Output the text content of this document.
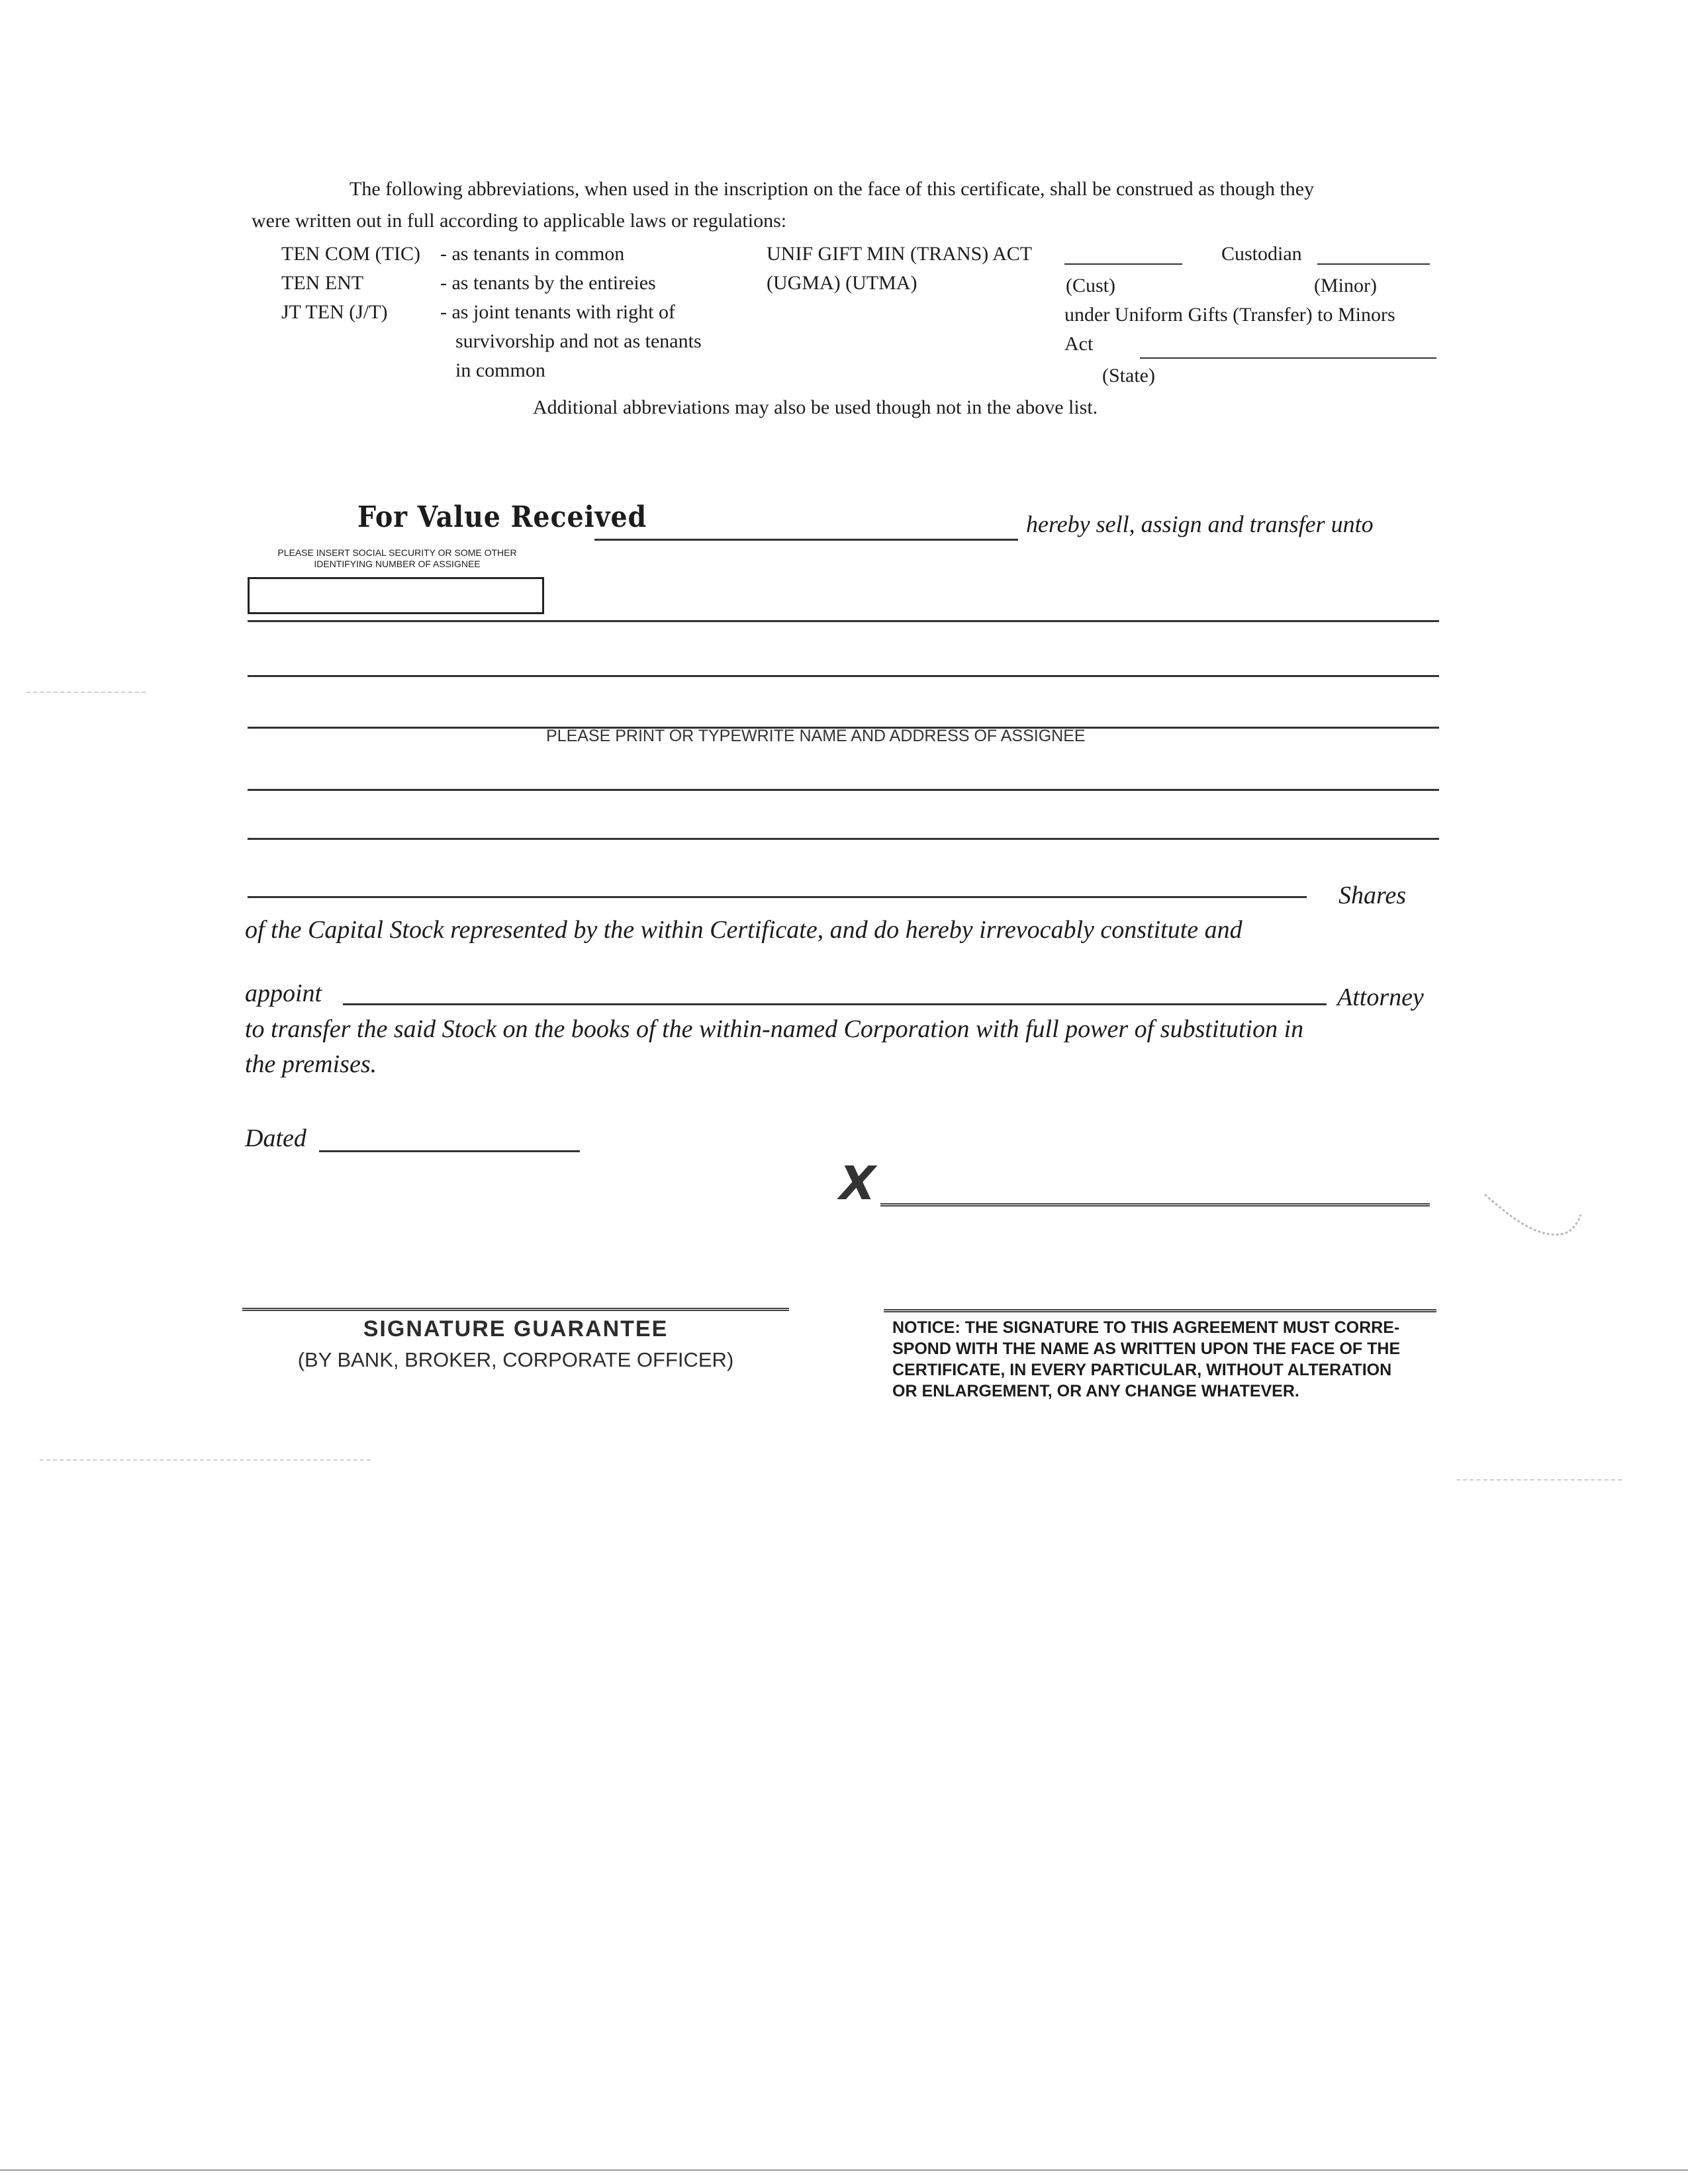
The following abbreviations, when used in the inscription on the face of this certificate, shall be construed as though they
were written out in full according to applicable laws or regulations:
TEN COM (TIC) - as tenants in common
TEN ENT	- as tenants by the entireies
JT TEN (J/T)	- as joint tenants with right of
survivorship and not as tenants
in common
UNIF GIFT MIN (TRANS) ACT	Custodian
(UGMA) (UTMA)	(Cust)	(Minor)
under Uniform Gifts (Transfer) to Minors
Act
(State)
Additional abbreviations may also be used though not in the above list.
For Value Received	hereby sell, assign and transfer unto
PLEASE INSERT SOCIAL SECURITY OR SOME OTHER
IDENTIFYING NUMBER OF ASSIGNEE
PLEASE PRINT OR TYPEWRITE NAME AND ADDRESS OF ASSIGNEE
Shares
of the Capital Stock represented by the within Certificate, and do hereby irrevocably constitute and
appoint	Attorney
to transfer the said Stock on the books of the within-named Corporation with full power of substitution in
the premises.
Dated
X
SIGNATURE GUARANTEE
(BY BANK, BROKER, CORPORATE OFFICER)
NOTICE: THE SIGNATURE TO THIS AGREEMENT MUST CORRE-
SPOND WITH THE NAME AS WRITTEN UPON THE FACE OF THE
CERTIFICATE, IN EVERY PARTICULAR, WITHOUT ALTERATION
OR ENLARGEMENT, OR ANY CHANGE WHATEVER.
